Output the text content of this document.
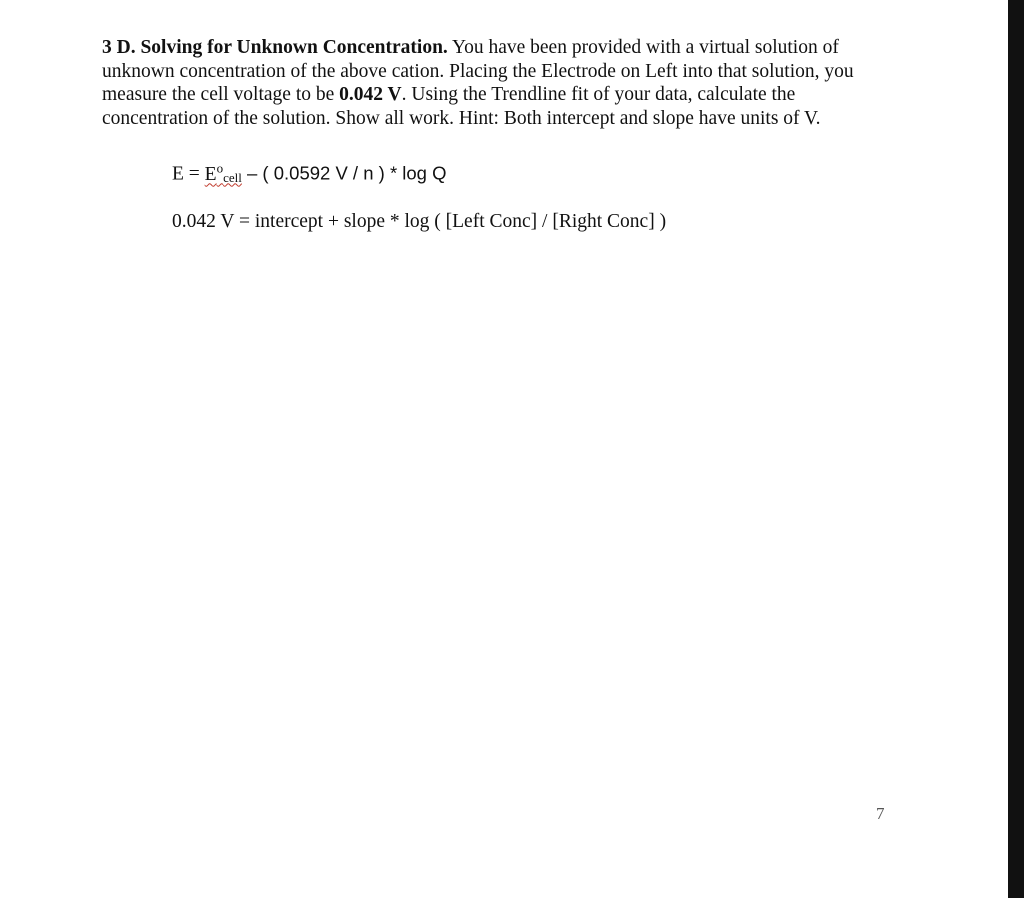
3 D. Solving for Unknown Concentration. You have been provided with a virtual solution of unknown concentration of the above cation. Placing the Electrode on Left into that solution, you measure the cell voltage to be 0.042 V. Using the Trendline fit of your data, calculate the concentration of the solution. Show all work. Hint: Both intercept and slope have units of V.
$E = E^ocell$ – ( 0.0592 V / n ) * log Q
0.042 V = intercept + slope * log ( [Left Conc] / [Right Conc] )
7
